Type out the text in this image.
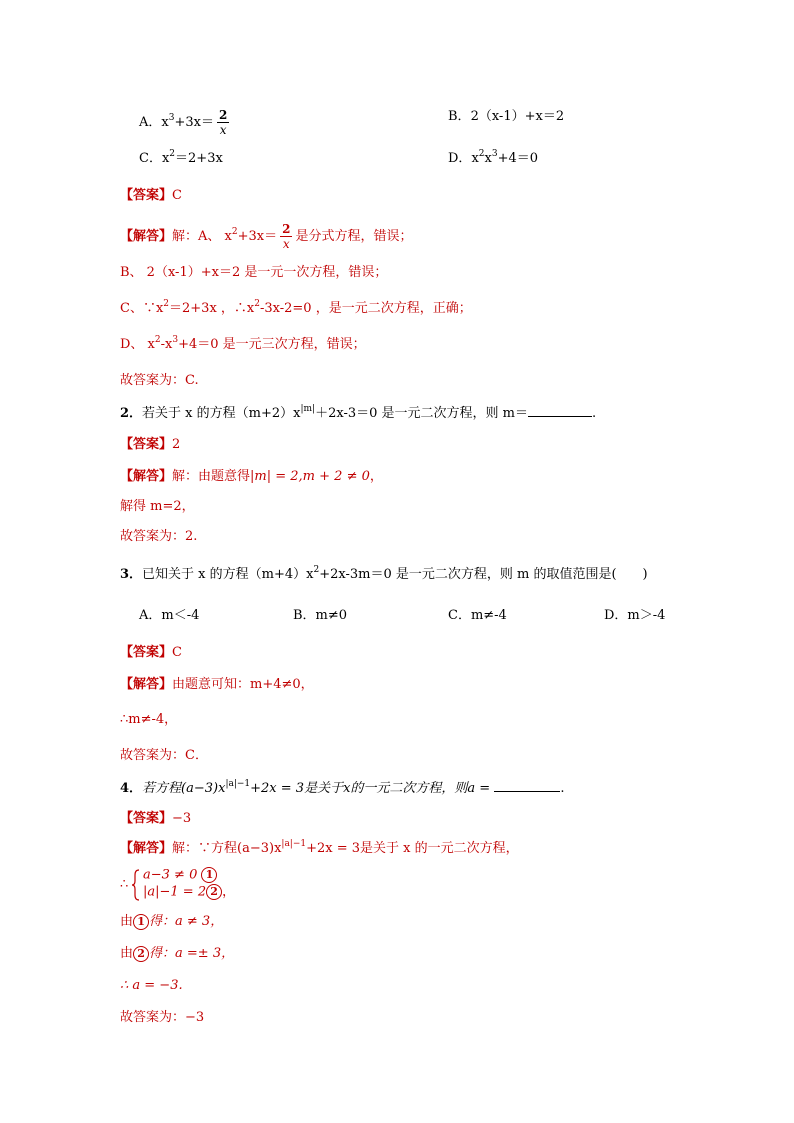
A．$x^3+3x= \frac{2}{x}$	B．2（x-1）+x＝2
C．$x^2=2+3x$	D．$x^2x^3+4=0$
【答案】C
【解答】解：A、 $x^2+3x= \frac{2}{x}$ 是分式方程，错误；
B、 2（x-1）+x＝2 是一元一次方程，错误；
C、$\because x^2=2+3x$ ，$\therefore x^2-3x-2=0$ ，是一元二次方程，正确；
D、 $x^2-x^3+4=0$ 是一元三次方程，错误；
故答案为：C.
2．若关于 x 的方程$(m+2)x^{|m|}+2x-3=0$ 是一元二次方程，则 m＝	.
【答案】2
【解答】解：由题意得|m| = 2,m + 2 ≠ 0，
解得 m=2，
故答案为：2.
3．已知关于 x 的方程$(m+4)x^2+2x-3m=0$ 是一元二次方程，则 m 的取值范围是(　　)
A．m＜-4	B．m≠0	C．m≠-4	D．m＞-4
【答案】C
【解答】由题意可知：m+4≠0，
∴m≠-4，
故答案为：C．
4．若方程$(a-3)x^{|a|-1}+2x = 3$是关于x的一元二次方程，则a =	.
【答案】−3
【解答】解：∵方程$(a-3)x^{|a|-1}+2x = 3$是关于 x 的一元二次方程，
∴
a−3 ≠ 0 1
|a|−1 = 2 2 ，
由 1 得：a ≠ 3，
由 2 得：a =± 3，
∴ a = −3.
故答案为：−3
